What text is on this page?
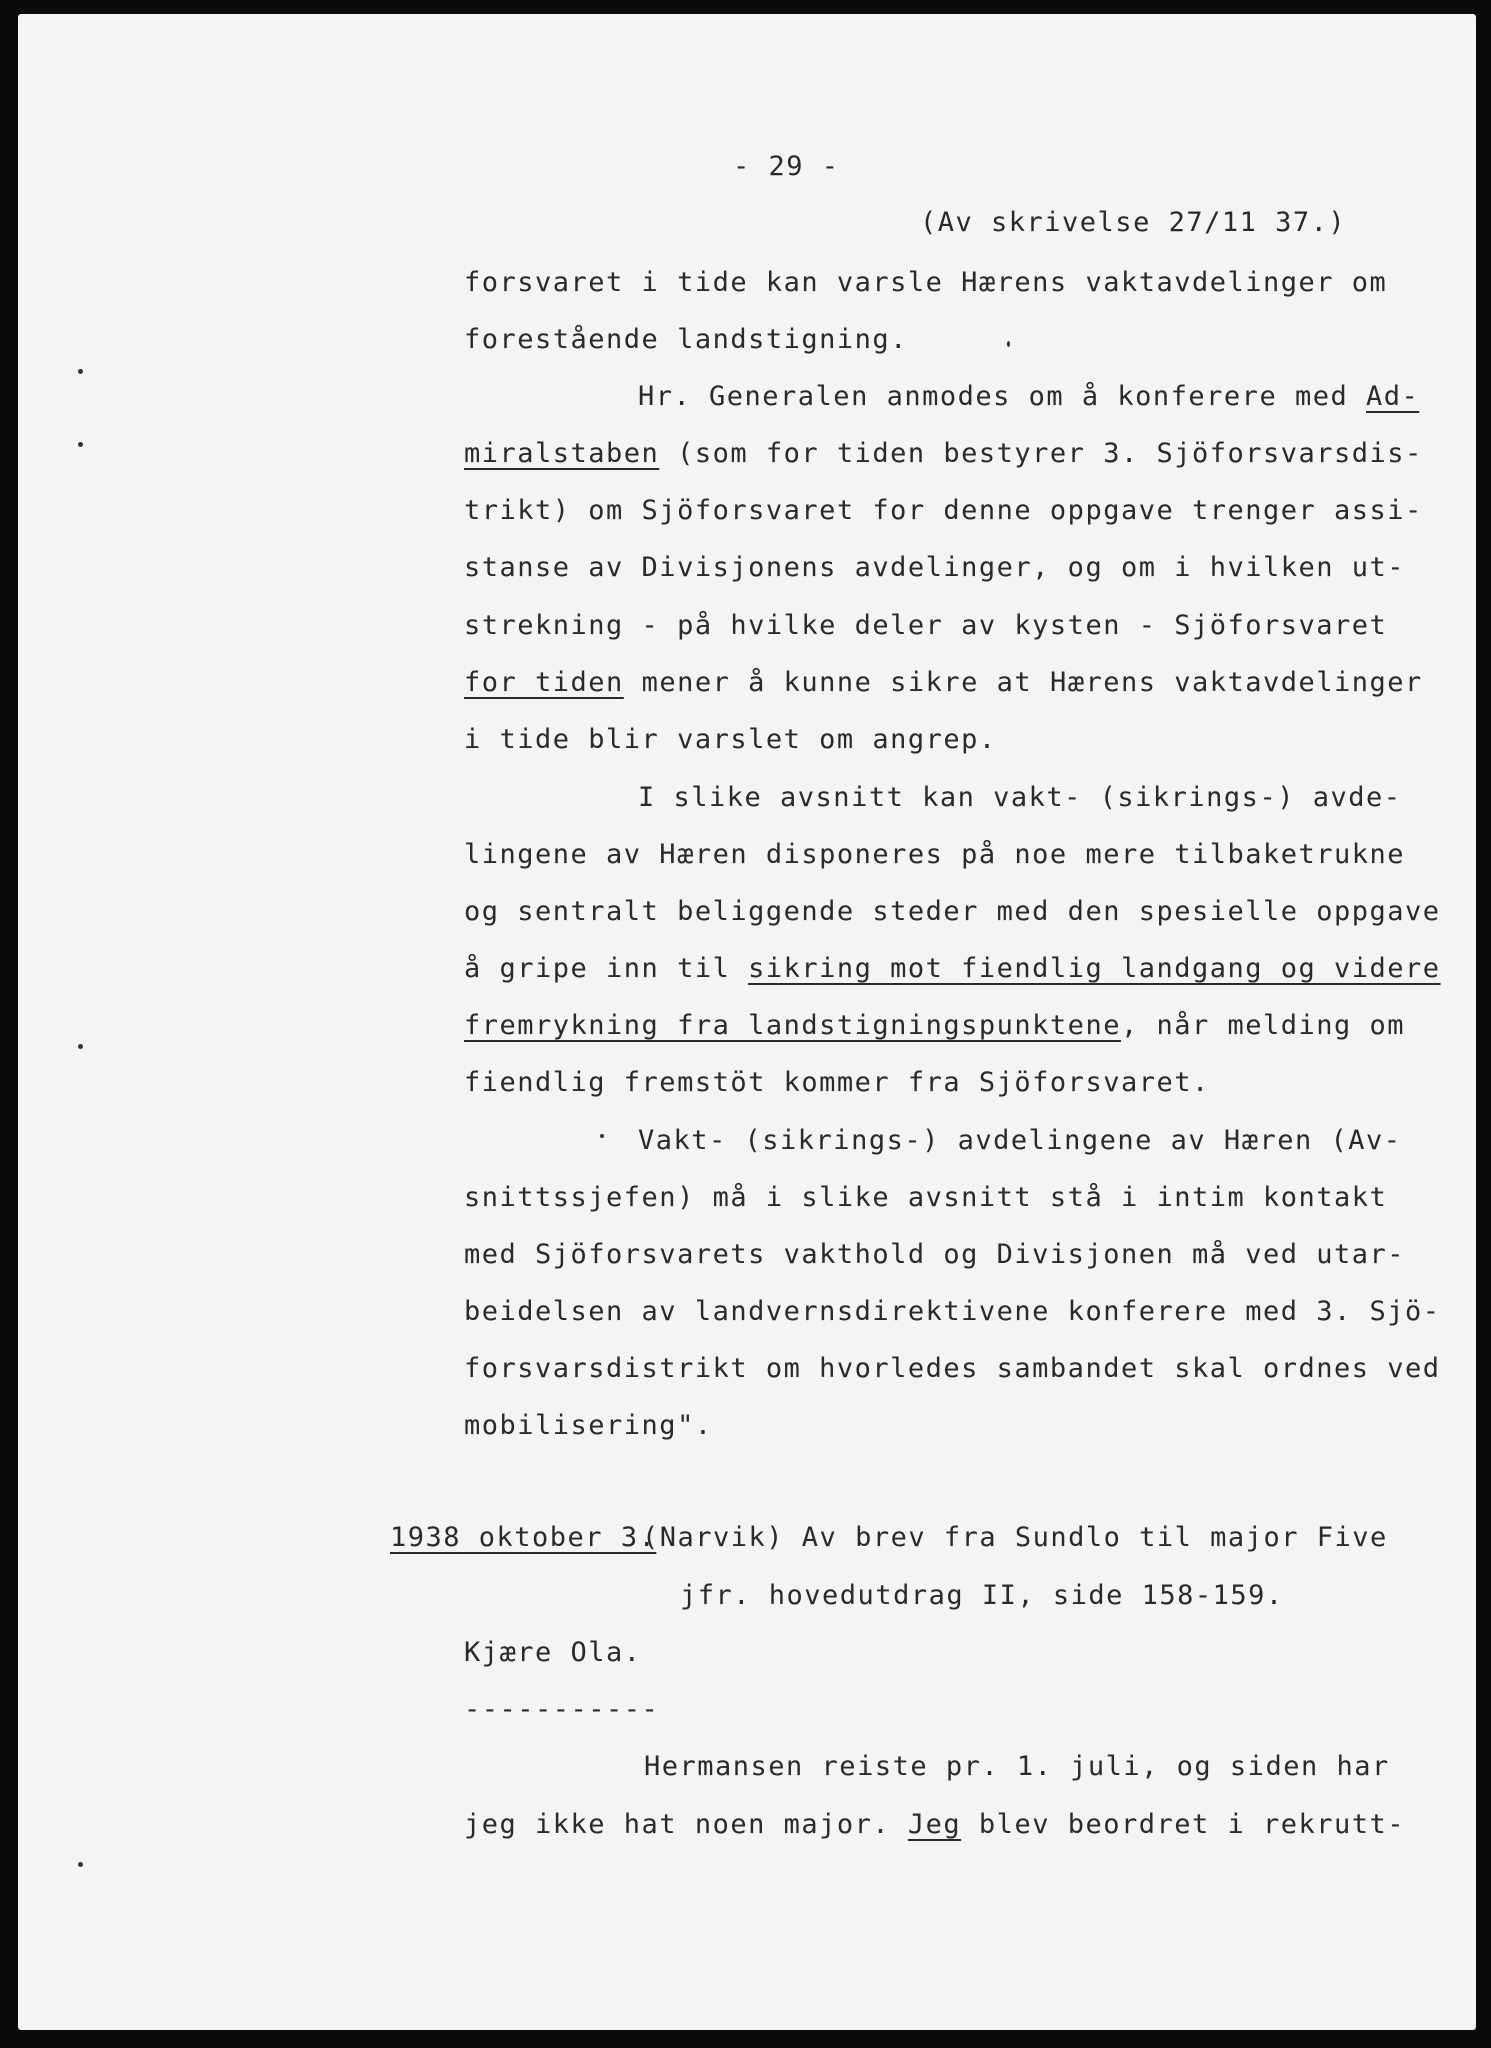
- 29 -
(Av skrivelse 27/11 37.)
forsvaret i tide kan varsle Hærens vaktavdelinger om
forestående landstigning.
Hr. Generalen anmodes om å konferere med Ad-
miralstaben (som for tiden bestyrer 3. Sjöforsvarsdis-
trikt) om Sjöforsvaret for denne oppgave trenger assi-
stanse av Divisjonens avdelinger, og om i hvilken ut-
strekning - på hvilke deler av kysten - Sjöforsvaret
for tiden mener å kunne sikre at Hærens vaktavdelinger
i tide blir varslet om angrep.
I slike avsnitt kan vakt- (sikrings-) avde-
lingene av Hæren disponeres på noe mere tilbaketrukne
og sentralt beliggende steder med den spesielle oppgave
å gripe inn til sikring mot fiendlig landgang og videre
fremrykning fra landstigningspunktene, når melding om
fiendlig fremstöt kommer fra Sjöforsvaret.
Vakt- (sikrings-) avdelingene av Hæren (Av-
snittssjefen) må i slike avsnitt stå i intim kontakt
med Sjöforsvarets vakthold og Divisjonen må ved utar-
beidelsen av landvernsdirektivene konferere med 3. Sjö-
forsvarsdistrikt om hvorledes sambandet skal ordnes ved
mobilisering".
1938 oktober 3.
(Narvik) Av brev fra Sundlo til major Five
jfr. hovedutdrag II, side 158-159.
Kjære Ola.
-----------
Hermansen reiste pr. 1. juli, og siden har
jeg ikke hat noen major. Jeg blev beordret i rekrutt-
